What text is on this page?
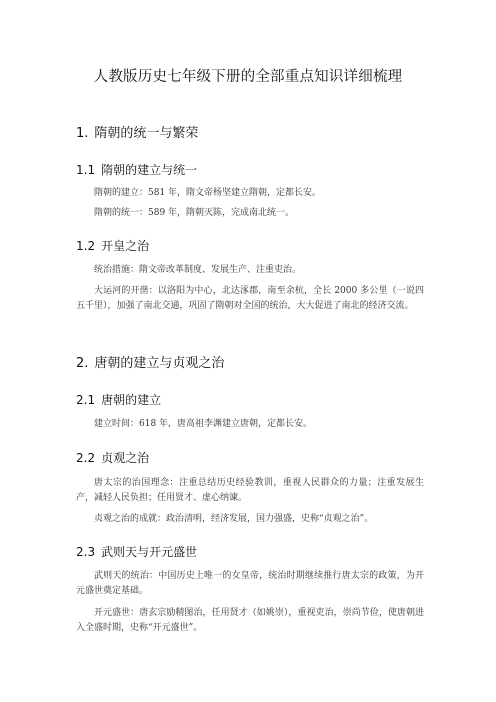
人教版历史七年级下册的全部重点知识详细梳理
1. 隋朝的统一与繁荣
1.1 隋朝的建立与统一
隋朝的建立：581 年，隋文帝杨坚建立隋朝，定都长安。
隋朝的统一：589 年，隋朝灭陈，完成南北统一。
1.2 开皇之治
统治措施：隋文帝改革制度、发展生产、注重吏治。
大运河的开凿：以洛阳为中心，北达涿郡，南至余杭，全长 2000 多公里（一说四五千里），加强了南北交通，巩固了隋朝对全国的统治，大大促进了南北的经济交流。
2. 唐朝的建立与贞观之治
2.1 唐朝的建立
建立时间：618 年，唐高祖李渊建立唐朝，定都长安。
2.2 贞观之治
唐太宗的治国理念：注重总结历史经验教训，重视人民群众的力量；注重发展生产，减轻人民负担；任用贤才、虚心纳谏。
贞观之治的成就：政治清明，经济发展，国力强盛，史称“贞观之治”。
2.3 武则天与开元盛世
武则天的统治：中国历史上唯一的女皇帝，统治时期继续推行唐太宗的政策，为开元盛世奠定基础。
开元盛世：唐玄宗励精图治，任用贤才（如姚崇），重视吏治，崇尚节俭，使唐朝进入全盛时期，史称“开元盛世”。
